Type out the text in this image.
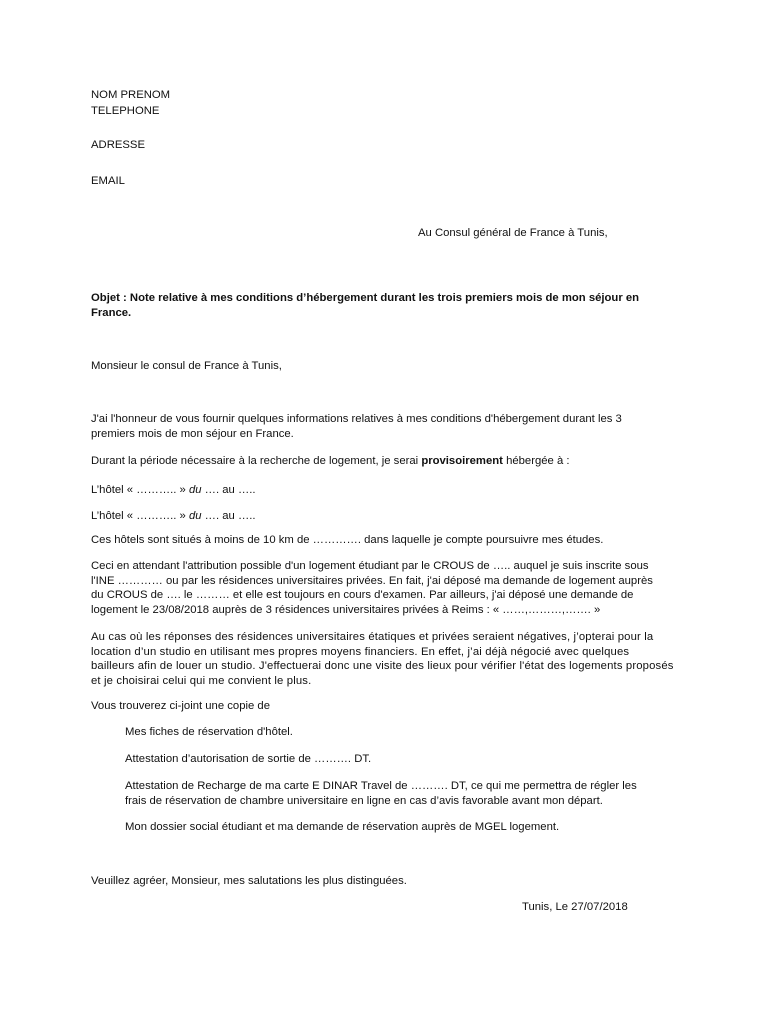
NOM PRENOM
TELEPHONE
ADRESSE
EMAIL
Au Consul général de France à Tunis,
Objet : Note relative à mes conditions d’hébergement durant les trois premiers mois de mon séjour en
France.
Monsieur le consul de France à Tunis,
J'ai l'honneur de vous fournir quelques informations relatives à mes conditions d'hébergement durant les 3
premiers mois de mon séjour en France.
Durant la période nécessaire à la recherche de logement, je serai provisoirement hébergée à :
L’hôtel « ……….. » du …. au …..
L’hôtel « ……….. » du …. au …..
Ces hôtels sont situés à moins de 10 km de …………. dans laquelle je compte poursuivre mes études.
Ceci en attendant l'attribution possible d'un logement étudiant par le CROUS de ….. auquel je suis inscrite sous
l'INE ………… ou par les résidences universitaires privées. En fait, j'ai déposé ma demande de logement auprès
du CROUS de …. le ……… et elle est toujours en cours d'examen. Par ailleurs, j'ai déposé une demande de
logement le 23/08/2018 auprès de 3 résidences universitaires privées à Reims : « ……,………,……. »
Au cas où les réponses des résidences universitaires étatiques et privées seraient négatives, j’opterai pour la
location d’un studio en utilisant mes propres moyens financiers. En effet, j’ai déjà négocié avec quelques
bailleurs afin de louer un studio. J'effectuerai donc une visite des lieux pour vérifier l'état des logements proposés
et je choisirai celui qui me convient le plus.
Vous trouverez ci-joint une copie de
Mes fiches de réservation d'hôtel.
Attestation d’autorisation de sortie de ………. DT.
Attestation de Recharge de ma carte E DINAR Travel de ………. DT, ce qui me permettra de régler les
frais de réservation de chambre universitaire en ligne en cas d’avis favorable avant mon départ.
Mon dossier social étudiant et ma demande de réservation auprès de MGEL logement.
Veuillez agréer, Monsieur, mes salutations les plus distinguées.
Tunis, Le 27/07/2018
